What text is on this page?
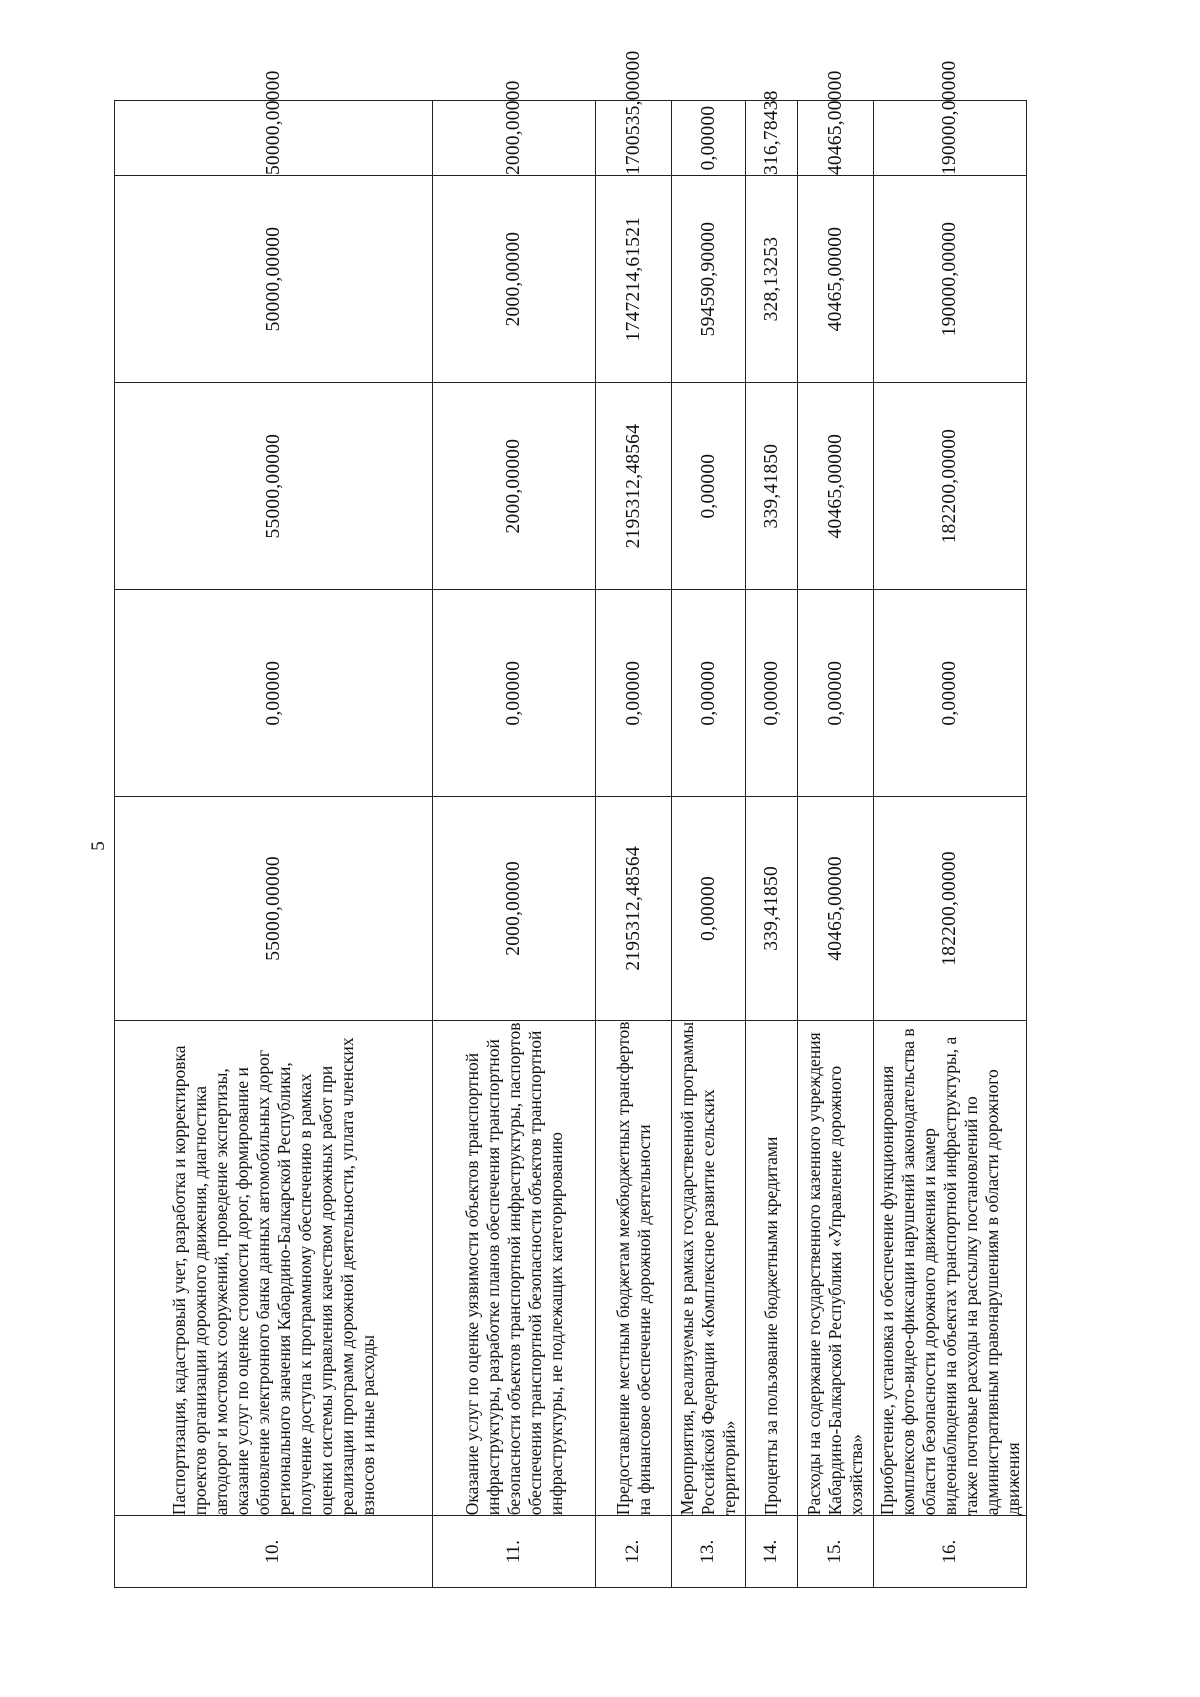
5
10.	Паспортизация, кадастровый учет, разработка и корректировка проектов организации дорожного движения, диагностика автодорог и мостовых сооружений, проведение экспертизы, оказание услуг по оценке стоимости дорог, формирование и обновление электронного банка данных автомобильных дорог регионального значения Кабардино-Балкарской Республики, получение доступа к программному обеспечению в рамках оценки системы управления качеством дорожных работ при реализации программ дорожной деятельности, уплата членских взносов и иные расходы	55000,00000	0,00000	55000,00000	50000,00000	50000,00000
11.	Оказание услуг по оценке уязвимости объектов транспортной инфраструктуры, разработке планов обеспечения транспортной безопасности объектов транспортной инфраструктуры, паспортов обеспечения транспортной безопасности объектов транспортной инфраструктуры, не подлежащих категорированию	2000,00000	0,00000	2000,00000	2000,00000	2000,00000
12.	Предоставление местным бюджетам межбюджетных трансфертов на финансовое обеспечение дорожной деятельности	2195312,48564	0,00000	2195312,48564	1747214,61521	1700535,00000
13.	Мероприятия, реализуемые в рамках государственной программы Российской Федерации «Комплексное развитие сельских территорий»	0,00000	0,00000	0,00000	594590,90000	0,00000
14.	Проценты за пользование бюджетными кредитами	339,41850	0,00000	339,41850	328,13253	316,78438
15.	Расходы на содержание государственного казенного учреждения Кабардино-Балкарской Республики «Управление дорожного хозяйства»	40465,00000	0,00000	40465,00000	40465,00000	40465,00000
16.	Приобретение, установка и обеспечение функционирования комплексов фото-видео-фиксации нарушений законодательства в области безопасности дорожного движения и камер видеонаблюдения на объектах транспортной инфраструктуры, а также почтовые расходы на рассылку постановлений по административным правонарушениям в области дорожного движения	182200,00000	0,00000	182200,00000	190000,00000	190000,00000
